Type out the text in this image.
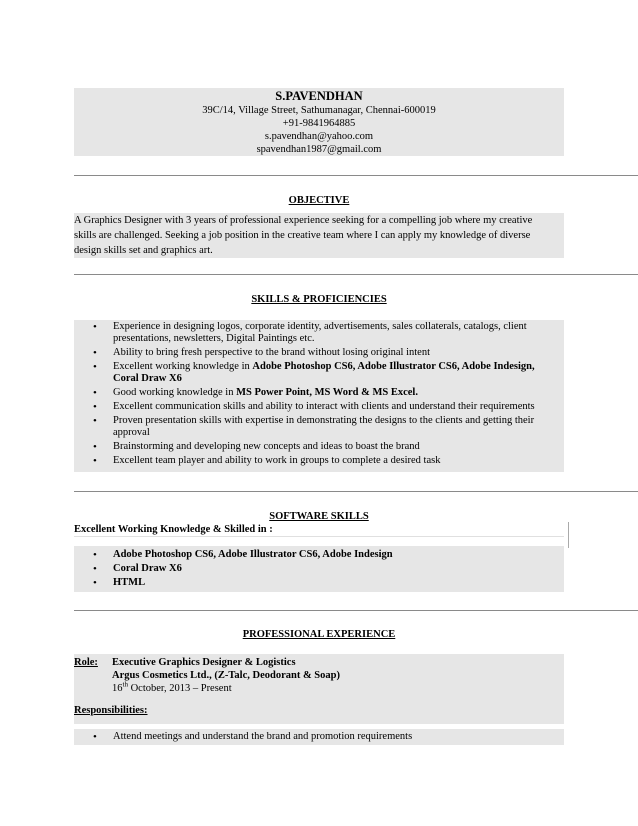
S.PAVENDHAN
39C/14, Village Street, Sathumanagar, Chennai-600019
+91-9841964885
s.pavendhan@yahoo.com
spavendhan1987@gmail.com
OBJECTIVE
A Graphics Designer with 3 years of professional experience seeking for a compelling job where my creative
skills are challenged. Seeking a job position in the creative team where I can apply my knowledge of diverse
design skills set and graphics art.
SKILLS & PROFICIENCIES
• Experience in designing logos, corporate identity, advertisements, sales collaterals, catalogs, client
presentations, newsletters, Digital Paintings etc.
• Ability to bring fresh perspective to the brand without losing original intent
• Excellent working knowledge in Adobe Photoshop CS6, Adobe Illustrator CS6, Adobe Indesign,
Coral Draw X6
• Good working knowledge in MS Power Point, MS Word & MS Excel.
• Excellent communication skills and ability to interact with clients and understand their requirements
• Proven presentation skills with expertise in demonstrating the designs to the clients and getting their
approval
• Brainstorming and developing new concepts and ideas to boast the brand
• Excellent team player and ability to work in groups to complete a desired task
SOFTWARE SKILLS
Excellent Working Knowledge & Skilled in :
• Adobe Photoshop CS6, Adobe Illustrator CS6, Adobe Indesign
• Coral Draw X6
• HTML
PROFESSIONAL EXPERIENCE
Role: Executive Graphics Designer & Logistics
Argus Cosmetics Ltd., (Z-Talc, Deodorant & Soap)
16th October, 2013 – Present
Responsibilities:
• Attend meetings and understand the brand and promotion requirements
